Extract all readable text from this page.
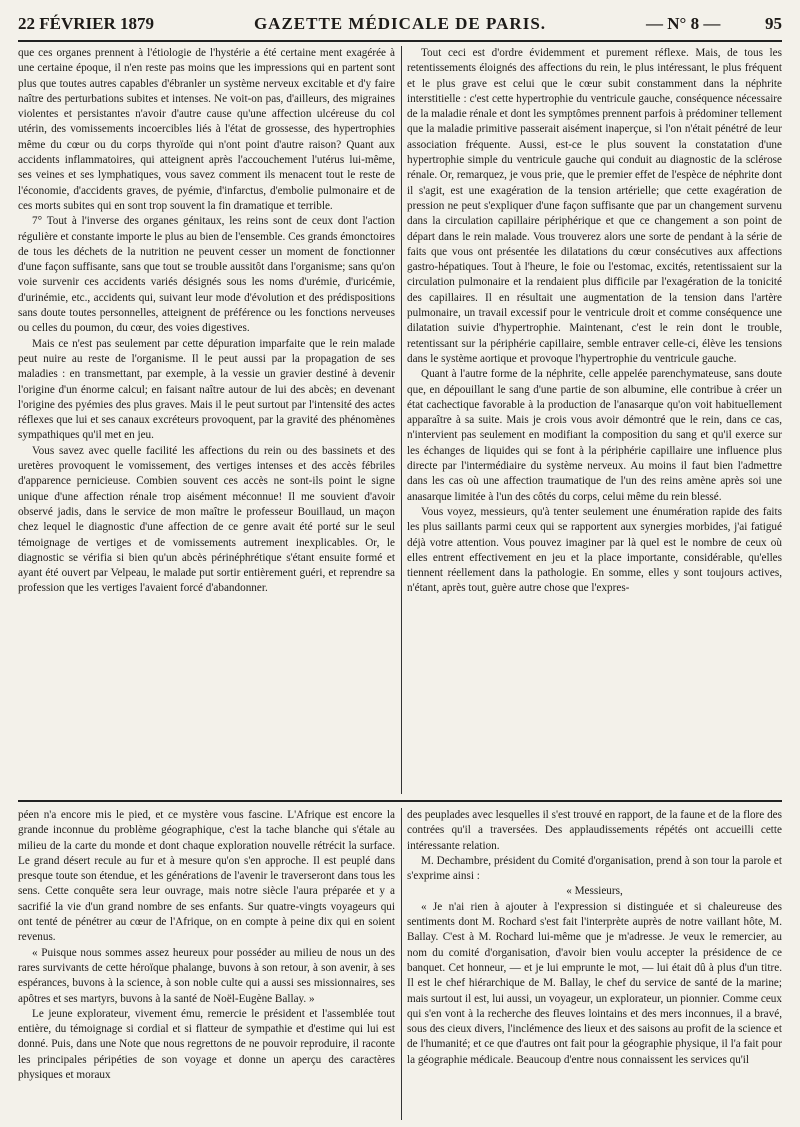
22 FÉVRIER 1879	GAZETTE MÉDICALE DE PARIS.	— N° 8 —	95

que ces organes prennent à l'étiologie de l'hystérie a été certaine ment exagérée à une certaine époque, il n'en reste pas moins que les impressions qui en partent sont plus que toutes autres capables d'ébranler un système nerveux excitable et d'y faire naître des perturbations subites et intenses. Ne voit-on pas, d'ailleurs, des migraines violentes et persistantes n'avoir d'autre cause qu'une affection ulcéreuse du col utérin, des vomissements incoercibles liés à l'état de grossesse, des hypertrophies même du cœur ou du corps thyroïde qui n'ont point d'autre raison? Quant aux accidents inflammatoires, qui atteignent après l'accouchement l'utérus lui-même, ses veines et ses lymphatiques, vous savez comment ils menacent tout le reste de l'économie, d'accidents graves, de pyémie, d'infarctus, d'embolie pulmonaire et de ces morts subites qui en sont trop souvent la fin dramatique et terrible.

7° Tout à l'inverse des organes génitaux, les reins sont de ceux dont l'action régulière et constante importe le plus au bien de l'ensemble. Ces grands émonctoires de tous les déchets de la nutrition ne peuvent cesser un moment de fonctionner d'une façon suffisante, sans que tout se trouble aussitôt dans l'organisme; sans qu'on voie survenir ces accidents variés désignés sous les noms d'urémie, d'uricémie, d'urinémie, etc., accidents qui, suivant leur mode d'évolution et des prédispositions sans doute toutes personnelles, atteignent de préférence ou les fonctions nerveuses ou celles du poumon, du cœur, des voies digestives.

Mais ce n'est pas seulement par cette dépuration imparfaite que le rein malade peut nuire au reste de l'organisme. Il le peut aussi par la propagation de ses maladies : en transmettant, par exemple, à la vessie un gravier destiné à devenir l'origine d'un énorme calcul; en faisant naître autour de lui des abcès; en devenant l'origine des pyémies des plus graves. Mais il le peut surtout par l'intensité des actes réflexes que lui et ses canaux excréteurs provoquent, par la gravité des phénomènes sympathiques qu'il met en jeu.

Vous savez avec quelle facilité les affections du rein ou des bassinets et des uretères provoquent le vomissement, des vertiges intenses et des accès fébriles d'apparence pernicieuse. Combien souvent ces accès ne sont-ils point le signe unique d'une affection rénale trop aisément méconnue! Il me souvient d'avoir observé jadis, dans le service de mon maître le professeur Bouillaud, un maçon chez lequel le diagnostic d'une affection de ce genre avait été porté sur le seul témoignage de vertiges et de vomissements autrement inexplicables. Or, le diagnostic se vérifia si bien qu'un abcès périnéphrétique s'étant ensuite formé et ayant été ouvert par Velpeau, le malade put sortir entièrement guéri, et reprendre sa profession que les vertiges l'avaient forcé d'abandonner.

Tout ceci est d'ordre évidemment et purement réflexe. Mais, de tous les retentissements éloignés des affections du rein, le plus intéressant, le plus fréquent et le plus grave est celui que le cœur subit constamment dans la néphrite interstitielle : c'est cette hypertrophie du ventricule gauche, conséquence nécessaire de la maladie rénale et dont les symptômes prennent parfois à prédominer tellement que la maladie primitive passerait aisément inaperçue, si l'on n'était pénétré de leur association fréquente. Aussi, est-ce le plus souvent la constatation d'une hypertrophie simple du ventricule gauche qui conduit au diagnostic de la sclérose rénale. Or, remarquez, je vous prie, que le premier effet de l'espèce de néphrite dont il s'agit, est une exagération de la tension artérielle; que cette exagération de pression ne peut s'expliquer d'une façon suffisante que par un changement survenu dans la circulation capillaire périphérique et que ce changement a son point de départ dans le rein malade. Vous trouverez alors une sorte de pendant à la série de faits que vous ont présentée les dilatations du cœur consécutives aux affections gastro-hépatiques. Tout à l'heure, le foie ou l'estomac, excités, retentissaient sur la circulation pulmonaire et la rendaient plus difficile par l'exagération de la tonicité des capillaires. Il en résultait une augmentation de la tension dans l'artère pulmonaire, un travail excessif pour le ventricule droit et comme conséquence une dilatation suivie d'hypertrophie. Maintenant, c'est le rein dont le trouble, retentissant sur la périphérie capillaire, semble entraver celle-ci, élève les tensions dans le système aortique et provoque l'hypertrophie du ventricule gauche.

Quant à l'autre forme de la néphrite, celle appelée parenchymateuse, sans doute que, en dépouillant le sang d'une partie de son albumine, elle contribue à créer un état cachectique favorable à la production de l'anasarque qu'on voit habituellement apparaître à sa suite. Mais je crois vous avoir démontré que le rein, dans ce cas, n'intervient pas seulement en modifiant la composition du sang et qu'il exerce sur les échanges de liquides qui se font à la périphérie capillaire une influence plus directe par l'intermédiaire du système nerveux. Au moins il faut bien l'admettre dans les cas où une affection traumatique de l'un des reins amène après soi une anasarque limitée à l'un des côtés du corps, celui même du rein blessé.

Vous voyez, messieurs, qu'à tenter seulement une énumération rapide des faits les plus saillants parmi ceux qui se rapportent aux synergies morbides, j'ai fatigué déjà votre attention. Vous pouvez imaginer par là quel est le nombre de ceux où elles entrent effectivement en jeu et la place importante, considérable, qu'elles tiennent réellement dans la pathologie. En somme, elles y sont toujours actives, n'étant, après tout, guère autre chose que l'expres-

péen n'a encore mis le pied, et ce mystère vous fascine. L'Afrique est encore la grande inconnue du problème géographique, c'est la tache blanche qui s'étale au milieu de la carte du monde et dont chaque exploration nouvelle rétrécit la surface. Le grand désert recule au fur et à mesure qu'on s'en approche. Il est peuplé dans presque toute son étendue, et les générations de l'avenir le traverseront dans tous les sens. Cette conquête sera leur ouvrage, mais notre siècle l'aura préparée et y a sacrifié la vie d'un grand nombre de ses enfants. Sur quatre-vingts voyageurs qui ont tenté de pénétrer au cœur de l'Afrique, on en compte à peine dix qui en soient revenus.

« Puisque nous sommes assez heureux pour posséder au milieu de nous un des rares survivants de cette héroïque phalange, buvons à son retour, à son avenir, à ses espérances, buvons à la science, à son noble culte qui a aussi ses missionnaires, ses apôtres et ses martyrs, buvons à la santé de Noël-Eugène Ballay. »

Le jeune explorateur, vivement ému, remercie le président et l'assemblée tout entière, du témoignage si cordial et si flatteur de sympathie et d'estime qui lui est donné. Puis, dans une Note que nous regrettons de ne pouvoir reproduire, il raconte les principales péripéties de son voyage et donne un aperçu des caractères physiques et moraux

des peuplades avec lesquelles il s'est trouvé en rapport, de la faune et de la flore des contrées qu'il a traversées. Des applaudissements répétés ont accueilli cette intéressante relation.

M. Dechambre, président du Comité d'organisation, prend à son tour la parole et s'exprime ainsi :

« Messieurs,

« Je n'ai rien à ajouter à l'expression si distinguée et si chaleureuse des sentiments dont M. Rochard s'est fait l'interprète auprès de notre vaillant hôte, M. Ballay. C'est à M. Rochard lui-même que je m'adresse. Je veux le remercier, au nom du comité d'organisation, d'avoir bien voulu accepter la présidence de ce banquet. Cet honneur, — et je lui emprunte le mot, — lui était dû à plus d'un titre. Il est le chef hiérarchique de M. Ballay, le chef du service de santé de la marine; mais surtout il est, lui aussi, un voyageur, un explorateur, un pionnier. Comme ceux qui s'en vont à la recherche des fleuves lointains et des mers inconnues, il a bravé, sous des cieux divers, l'inclémence des lieux et des saisons au profit de la science et de l'humanité; et ce que d'autres ont fait pour la géographie physique, il l'a fait pour la géographie médicale. Beaucoup d'entre nous connaissent les services qu'il
